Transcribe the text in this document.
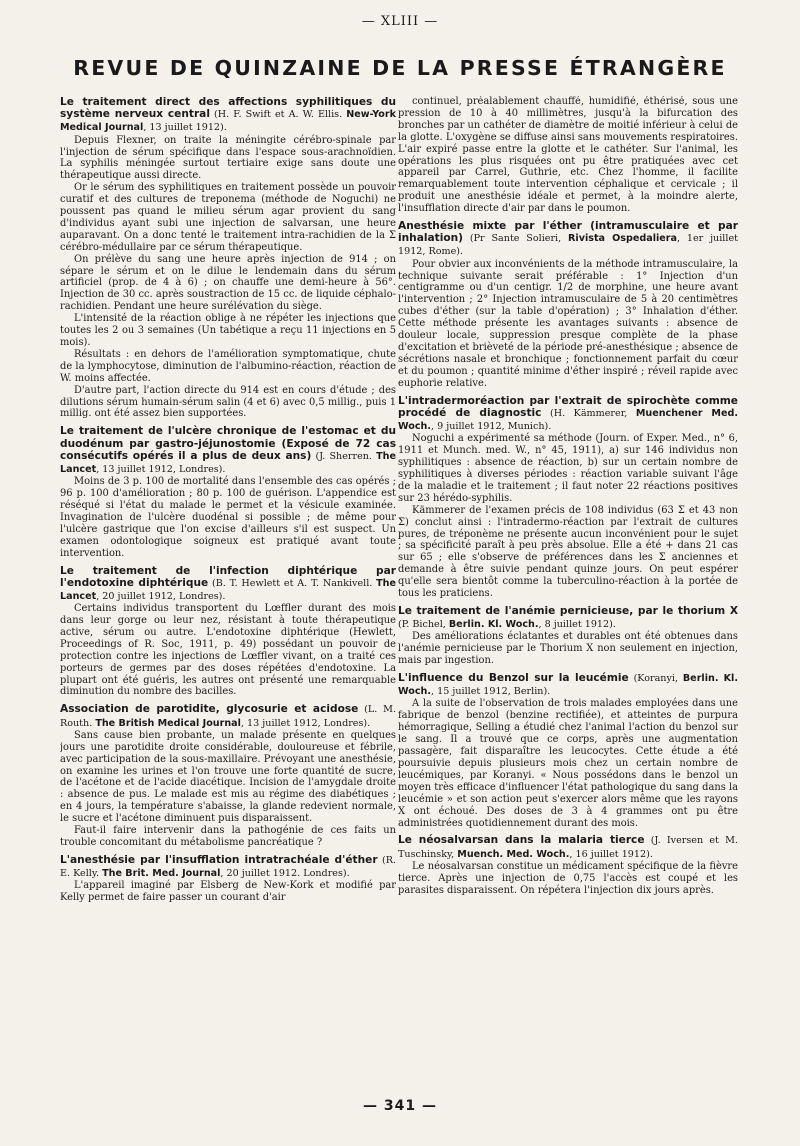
— XLIII —
REVUE DE QUINZAINE DE LA PRESSE ÉTRANGÈRE

Le traitement direct des affections syphilitiques du système nerveux central (H. F. Swift et A. W. Ellis. New-York Medical Journal, 13 juillet 1912).

Depuis Flexner, on traite la méningite cérébro-spinale par l'injection de sérum spécifique dans l'espace sous-arachnoïdien. La syphilis méningée surtout tertiaire exige sans doute une thérapeutique aussi directe.

Or le sérum des syphilitiques en traitement possède un pouvoir curatif et des cultures de treponema (méthode de Noguchi) ne poussent pas quand le milieu sérum agar provient du sang d'individus ayant subi une injection de salvarsan, une heure auparavant. On a donc tenté le traitement intra-rachidien de la Σ cérébro-médullaire par ce sérum thérapeutique.

On prélève du sang une heure après injection de 914 ; on sépare le sérum et on le dilue le lendemain dans du sérum artificiel (prop. de 4 à 6) ; on chauffe une demi-heure à 56°. Injection de 30 cc. après soustraction de 15 cc. de liquide céphalo-rachidien. Pendant une heure surélévation du siège.

L'intensité de la réaction oblige à ne répéter les injections que toutes les 2 ou 3 semaines (Un tabétique a reçu 11 injections en 5 mois).

Résultats : en dehors de l'amélioration symptomatique, chute de la lymphocytose, diminution de l'albumino-réaction, réaction de W. moins affectée.

D'autre part, l'action directe du 914 est en cours d'étude ; des dilutions sérum humain-sérum salin (4 et 6) avec 0,5 millig., puis 1 millig. ont été assez bien supportées.

Le traitement de l'ulcère chronique de l'estomac et du duodénum par gastro-jéjunostomie (Exposé de 72 cas consécutifs opérés il a plus de deux ans) (J. Sherren. The Lancet, 13 juillet 1912, Londres).

Moins de 3 p. 100 de mortalité dans l'ensemble des cas opérés ; 96 p. 100 d'amélioration ; 80 p. 100 de guérison. L'appendice est réséqué si l'état du malade le permet et la vésicule examinée. Invagination de l'ulcère duodénal si possible ; de même pour l'ulcère gastrique que l'on excise d'ailleurs s'il est suspect. Un examen odontologique soigneux est pratiqué avant toute intervention.

Le traitement de l'infection diphtérique par l'endotoxine diphtérique (B. T. Hewlett et A. T. Nankivell. The Lancet, 20 juillet 1912, Londres).

Certains individus transportent du Lœffler durant des mois dans leur gorge ou leur nez, résistant à toute thérapeutique active, sérum ou autre. L'endotoxine diphtérique (Hewlett, Proceedings of R. Soc, 1911, p. 49) possédant un pouvoir de protection contre les injections de Lœffler vivant, on a traité ces porteurs de germes par des doses répétées d'endotoxine. La plupart ont été guéris, les autres ont présenté une remarquable diminution du nombre des bacilles.

Association de parotidite, glycosurie et acidose (L. M. Routh. The British Medical Journal, 13 juillet 1912, Londres).

Sans cause bien probante, un malade présente en quelques jours une parotidite droite considérable, douloureuse et fébrile, avec participation de la sous-maxillaire. Prévoyant une anesthésie, on examine les urines et l'on trouve une forte quantité de sucre, de l'acétone et de l'acide diacétique. Incision de l'amygdale droite : absence de pus. Le malade est mis au régime des diabétiques ; en 4 jours, la température s'abaisse, la glande redevient normale, le sucre et l'acétone diminuent puis disparaissent.

Faut-il faire intervenir dans la pathogénie de ces faits un trouble concomitant du métabolisme pancréatique ?

L'anesthésie par l'insufflation intratrachéale d'éther (R. E. Kelly. The Brit. Med. Journal, 20 juillet 1912. Londres).

L'appareil imaginé par Elsberg de New-Kork et modifié par Kelly permet de faire passer un courant d'air

continuel, préalablement chauffé, humidifié, éthérisé, sous une pression de 10 à 40 millimètres, jusqu'à la bifurcation des bronches par un cathéter de diamètre de moitié inférieur à celui de la glotte. L'oxygène se diffuse ainsi sans mouvements respiratoires. L'air expiré passe entre la glotte et le cathéter. Sur l'animal, les opérations les plus risquées ont pu être pratiquées avec cet appareil par Carrel, Guthrie, etc. Chez l'homme, il facilite remarquablement toute intervention céphalique et cervicale ; il produit une anesthésie idéale et permet, à la moindre alerte, l'insufflation directe d'air par dans le poumon.

Anesthésie mixte par l'éther (intramusculaire et par inhalation) (Pr Sante Solieri, Rivista Ospedaliera, 1er juillet 1912, Rome).

Pour obvier aux inconvénients de la méthode intramusculaire, la technique suivante serait préférable : 1° Injection d'un centigramme ou d'un centigr. 1/2 de morphine, une heure avant l'intervention ; 2° Injection intramusculaire de 5 à 20 centimètres cubes d'éther (sur la table d'opération) ; 3° Inhalation d'éther. Cette méthode présente les avantages suivants : absence de douleur locale, suppression presque complète de la phase d'excitation et brièveté de la période pré-anesthésique ; absence de sécrétions nasale et bronchique ; fonctionnement parfait du cœur et du poumon ; quantité minime d'éther inspiré ; réveil rapide avec euphorie relative.

L'intradermoréaction par l'extrait de spirochète comme procédé de diagnostic (H. Kämmerer, Muenchener Med. Woch., 9 juillet 1912, Munich).

Noguchi a expérimenté sa méthode (Journ. of Exper. Med., n° 6, 1911 et Munch. med. W., n° 45, 1911), a) sur 146 individus non syphilitiques : absence de réaction, b) sur un certain nombre de syphilitiques à diverses périodes : réaction variable suivant l'âge de la maladie et le traitement ; il faut noter 22 réactions positives sur 23 hérédo-syphilis.

Kämmerer de l'examen précis de 108 individus (63 Σ et 43 non Σ) conclut ainsi : l'intradermo-réaction par l'extrait de cultures pures, de tréponème ne présente aucun inconvénient pour le sujet ; sa spécificité paraît à peu près absolue. Elle a été + dans 21 cas sur 65 ; elle s'observe de préférences dans les Σ anciennes et demande à être suivie pendant quinze jours. On peut espérer qu'elle sera bientôt comme la tuberculino-réaction à la portée de tous les praticiens.

Le traitement de l'anémie pernicieuse, par le thorium X (P. Bichel, Berlin. Kl. Woch., 8 juillet 1912).

Des améliorations éclatantes et durables ont été obtenues dans l'anémie pernicieuse par le Thorium X non seulement en injection, mais par ingestion.

L'influence du Benzol sur la leucémie (Koranyi, Berlin. Kl. Woch., 15 juillet 1912, Berlin).

A la suite de l'observation de trois malades employées dans une fabrique de benzol (benzine rectifiée), et atteintes de purpura hémorragique, Selling a étudié chez l'animal l'action du benzol sur le sang. Il a trouvé que ce corps, après une augmentation passagère, fait disparaître les leucocytes. Cette étude a été poursuivie depuis plusieurs mois chez un certain nombre de leucémiques, par Koranyi. « Nous possédons dans le benzol un moyen très efficace d'influencer l'état pathologique du sang dans la leucémie » et son action peut s'exercer alors même que les rayons X ont échoué. Des doses de 3 à 4 grammes ont pu être administrées quotidiennement durant des mois.

Le néosalvarsan dans la malaria tierce (J. Iversen et M. Tuschinsky, Muench. Med. Woch., 16 juillet 1912).

Le néosalvarsan constitue un médicament spécifique de la fièvre tierce. Après une injection de 0,75 l'accès est coupé et les parasites disparaissent. On répétera l'injection dix jours après.

— 341 —
